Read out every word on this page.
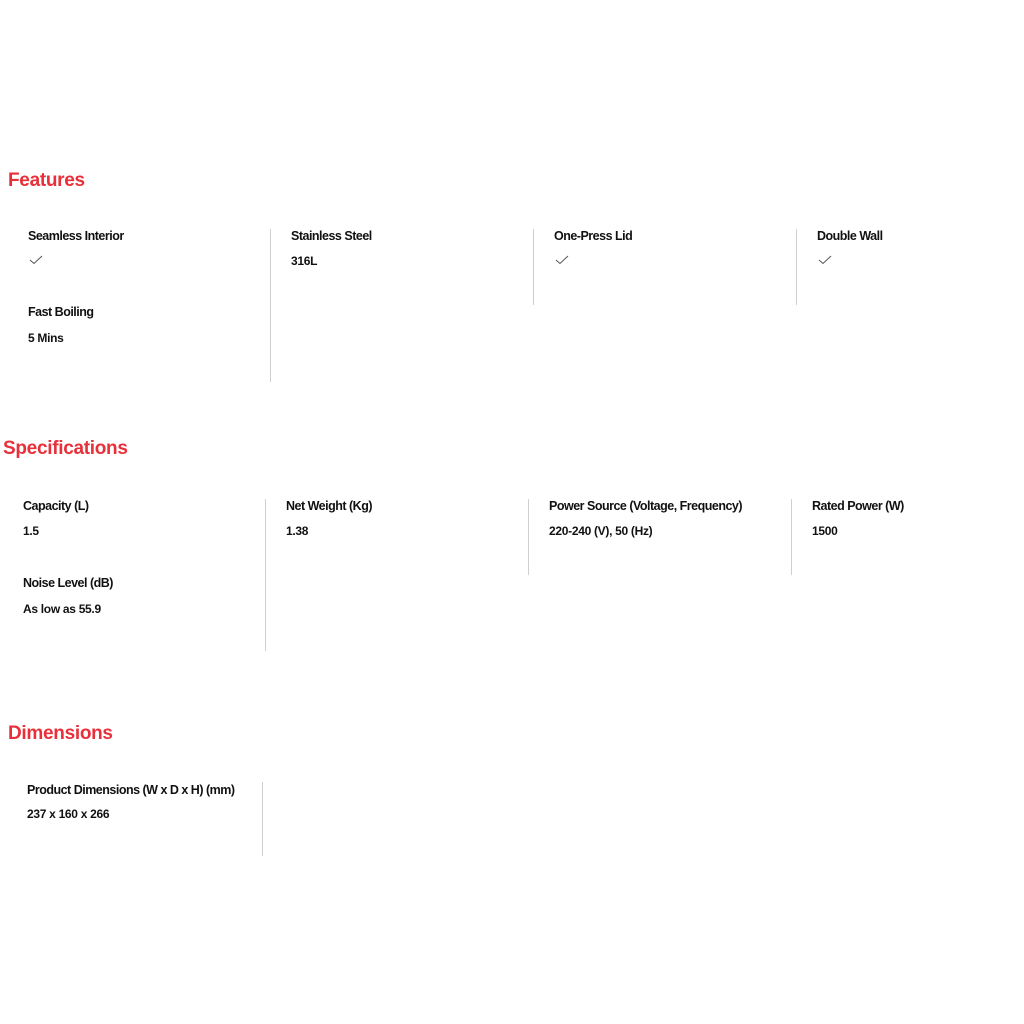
Features
Seamless Interior	Stainless Steel
316L
One-Press Lid	Double Wall
Fast Boiling
5 Mins
Specifications
Capacity (L)
1.5
Net Weight (Kg)
1.38
Power Source (Voltage, Frequency)
220-240 (V), 50 (Hz)
Rated Power (W)
1500
Noise Level (dB)
As low as 55.9
Dimensions
Product Dimensions (W x D x H) (mm)
237 x 160 x 266
